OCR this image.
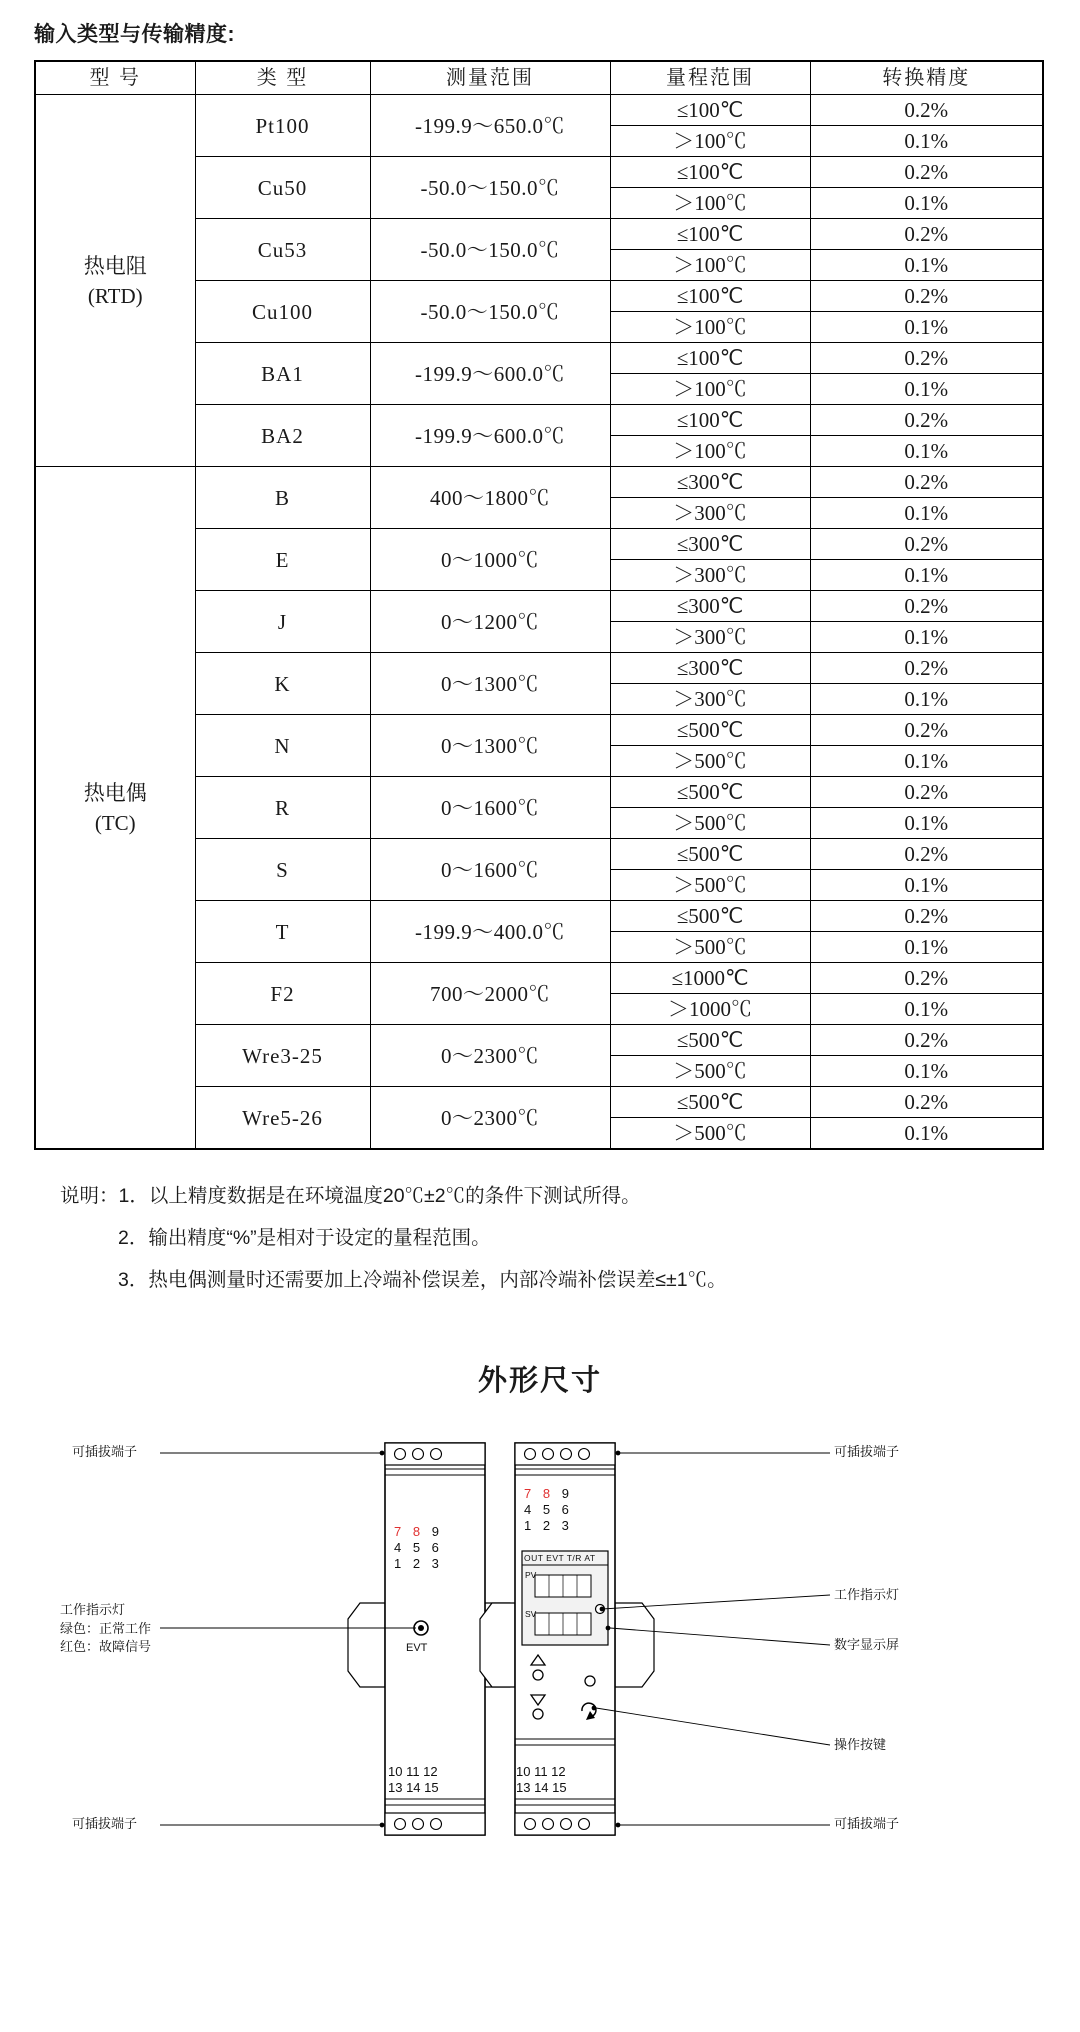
输入类型与传输精度:
型 号	类 型	测量范围	量程范围	转换精度
热电阻
(RTD)	Pt100	-199.9～650.0℃	≤100℃	0.2%
			＞100℃	0.1%
	Cu50	-50.0～150.0℃	≤100℃	0.2%
			＞100℃	0.1%
	Cu53	-50.0～150.0℃	≤100℃	0.2%
			＞100℃	0.1%
	Cu100	-50.0～150.0℃	≤100℃	0.2%
			＞100℃	0.1%
	BA1	-199.9～600.0℃	≤100℃	0.2%
			＞100℃	0.1%
	BA2	-199.9～600.0℃	≤100℃	0.2%
			＞100℃	0.1%
热电偶
(TC)	B	400～1800℃	≤300℃	0.2%
			＞300℃	0.1%
	E	0～1000℃	≤300℃	0.2%
			＞300℃	0.1%
	J	0～1200℃	≤300℃	0.2%
			＞300℃	0.1%
	K	0～1300℃	≤300℃	0.2%
			＞300℃	0.1%
	N	0～1300℃	≤500℃	0.2%
			＞500℃	0.1%
	R	0～1600℃	≤500℃	0.2%
			＞500℃	0.1%
	S	0～1600℃	≤500℃	0.2%
			＞500℃	0.1%
	T	-199.9～400.0℃	≤500℃	0.2%
			＞500℃	0.1%
	F2	700～2000℃	≤1000℃	0.2%
			＞1000℃	0.1%
	Wre3-25	0～2300℃	≤500℃	0.2%
			＞500℃	0.1%
	Wre5-26	0～2300℃	≤500℃	0.2%
			＞500℃	0.1%
说明：1．以上精度数据是在环境温度20℃±2℃的条件下测试所得。
2．输出精度“%”是相对于设定的量程范围。
3．热电偶测量时还需要加上冷端补偿误差，内部冷端补偿误差≤±1℃。
外形尺寸
7 8 9
4 5 6
1 2 3
EVT
10 11 12
13 14 15
7 8 9
4 5 6
1 2 3
OUT EVT T/R AT
PV
SV
10 11 12
13 14 15
可插拔端子	可插拔端子
可插拔端子	可插拔端子
工作指示灯
绿色：正常工作
红色：故障信号
工作指示灯
数字显示屏
操作按键
